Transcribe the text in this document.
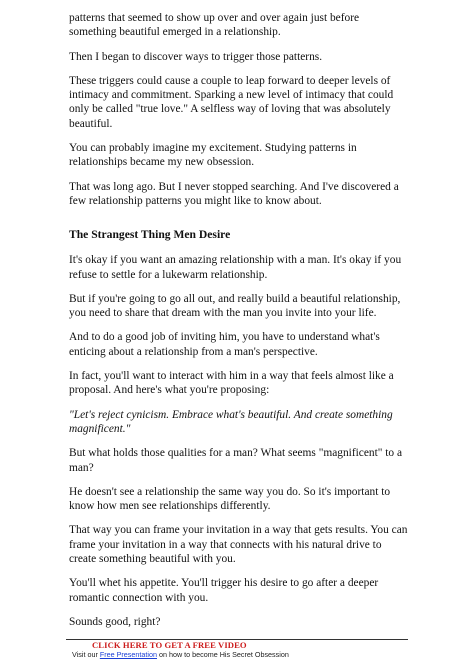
patterns that seemed to show up over and over again just before something beautiful emerged in a relationship.

Then I began to discover ways to trigger those patterns.

These triggers could cause a couple to leap forward to deeper levels of intimacy and commitment. Sparking a new level of intimacy that could only be called "true love." A selfless way of loving that was absolutely beautiful.

You can probably imagine my excitement. Studying patterns in relationships became my new obsession.

That was long ago. But I never stopped searching. And I've discovered a few relationship patterns you might like to know about.

The Strangest Thing Men Desire

It's okay if you want an amazing relationship with a man. It's okay if you refuse to settle for a lukewarm relationship.

But if you're going to go all out, and really build a beautiful relationship, you need to share that dream with the man you invite into your life.

And to do a good job of inviting him, you have to understand what's enticing about a relationship from a man's perspective.

In fact, you'll want to interact with him in a way that feels almost like a proposal. And here's what you're proposing:

"Let's reject cynicism. Embrace what's beautiful. And create something magnificent."

But what holds those qualities for a man? What seems "magnificent" to a man?

He doesn't see a relationship the same way you do. So it's important to know how men see relationships differently.

That way you can frame your invitation in a way that gets results. You can frame your invitation in a way that connects with his natural drive to create something beautiful with you.

You'll whet his appetite. You'll trigger his desire to go after a deeper romantic connection with you.

Sounds good, right?

CLICK HERE TO GET A FREE VIDEO
Visit our Free Presentation on how to become His Secret Obsession
